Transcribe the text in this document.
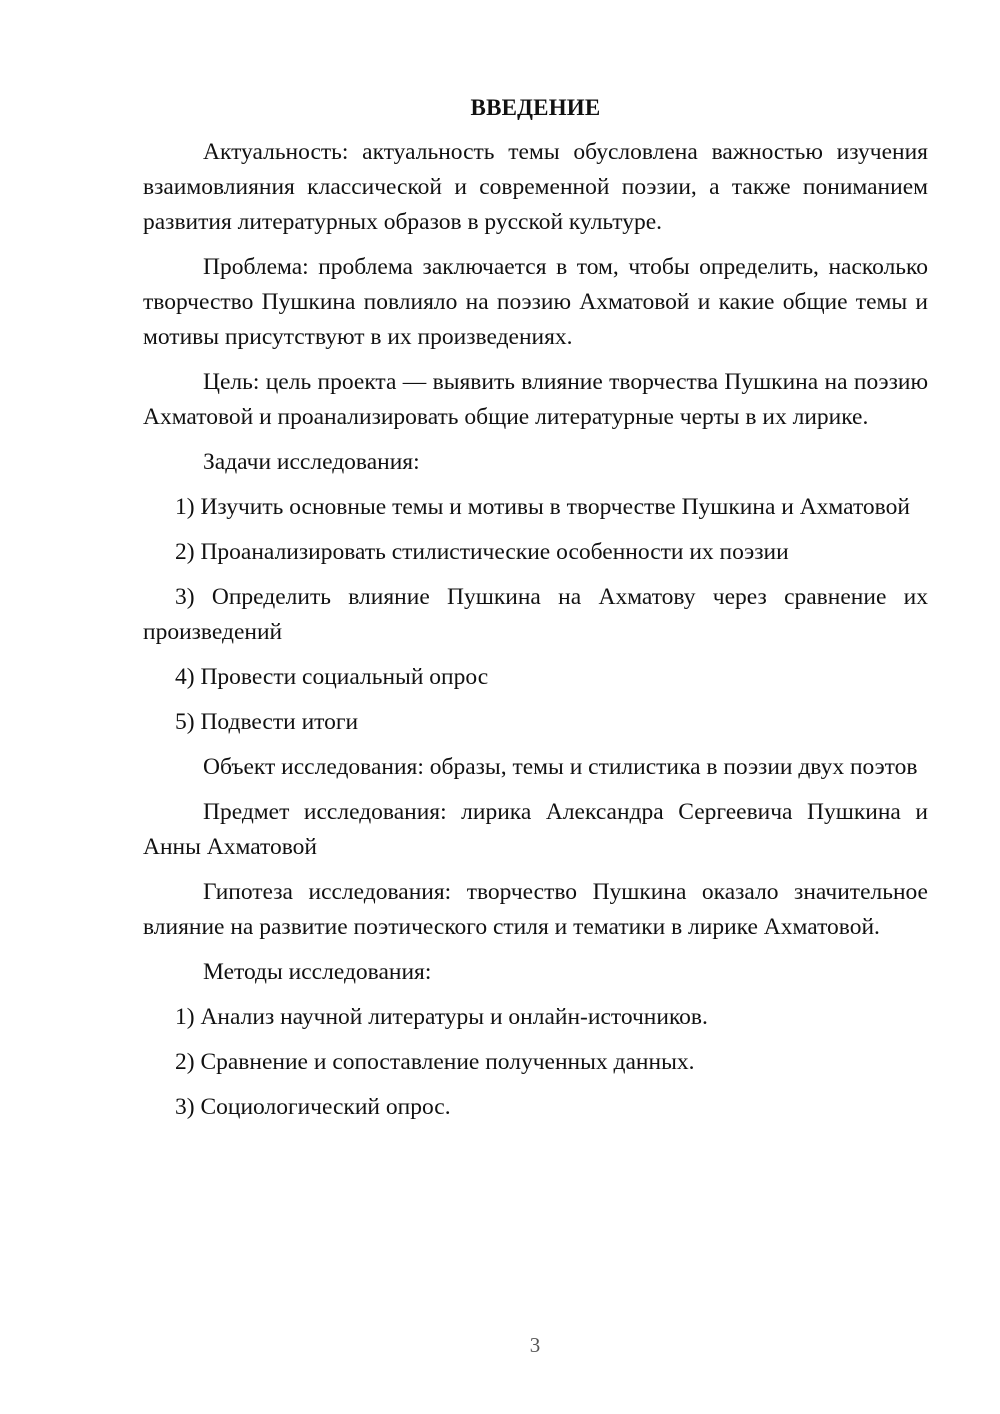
ВВЕДЕНИЕ

Актуальность: актуальность темы обусловлена важностью изучения взаимовлияния классической и современной поэзии, а также пониманием развития литературных образов в русской культуре.

Проблема: проблема заключается в том, чтобы определить, насколько творчество Пушкина повлияло на поэзию Ахматовой и какие общие темы и мотивы присутствуют в их произведениях.

Цель: цель проекта — выявить влияние творчества Пушкина на поэзию Ахматовой и проанализировать общие литературные черты в их лирике.

Задачи исследования:

1) Изучить основные темы и мотивы в творчестве Пушкина и Ахматовой

2) Проанализировать стилистические особенности их поэзии

3) Определить влияние Пушкина на Ахматову через сравнение их произведений

4) Провести социальный опрос

5) Подвести итоги

Объект исследования: образы, темы и стилистика в поэзии двух поэтов

Предмет исследования: лирика Александра Сергеевича Пушкина и Анны Ахматовой

Гипотеза исследования: творчество Пушкина оказало значительное влияние на развитие поэтического стиля и тематики в лирике Ахматовой.

Методы исследования:

1) Анализ научной литературы и онлайн-источников.

2) Сравнение и сопоставление полученных данных.

3) Социологический опрос.

3
